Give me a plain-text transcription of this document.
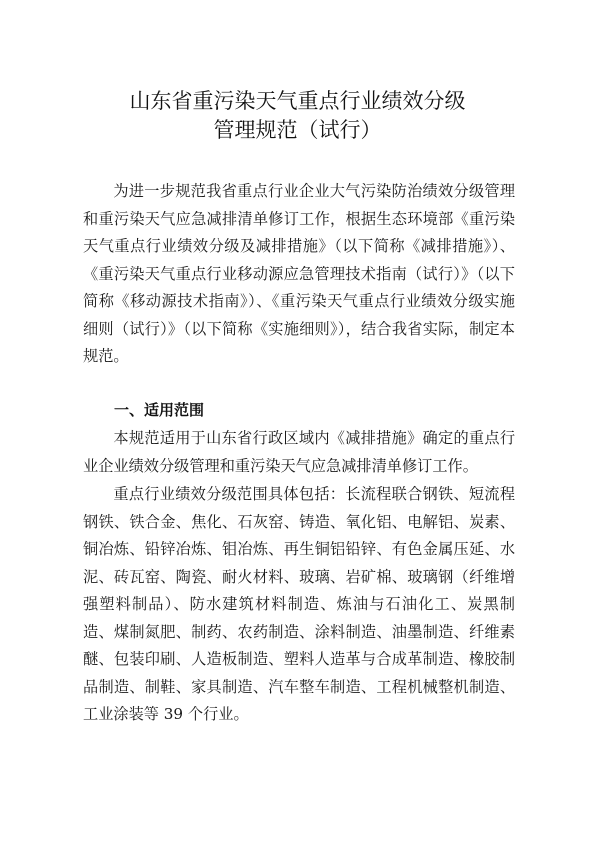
山东省重污染天气重点行业绩效分级
管理规范（试行）

为进一步规范我省重点行业企业大气污染防治绩效分级管理和重污染天气应急减排清单修订工作，根据生态环境部《重污染天气重点行业绩效分级及减排措施》（以下简称《减排措施》）、《重污染天气重点行业移动源应急管理技术指南（试行）》（以下简称《移动源技术指南》）、《重污染天气重点行业绩效分级实施细则（试行）》（以下简称《实施细则》），结合我省实际，制定本规范。

一、适用范围

本规范适用于山东省行政区域内《减排措施》确定的重点行业企业绩效分级管理和重污染天气应急减排清单修订工作。

重点行业绩效分级范围具体包括：长流程联合钢铁、短流程钢铁、铁合金、焦化、石灰窑、铸造、氧化铝、电解铝、炭素、铜冶炼、铅锌冶炼、钼冶炼、再生铜铝铅锌、有色金属压延、水泥、砖瓦窑、陶瓷、耐火材料、玻璃、岩矿棉、玻璃钢（纤维增强塑料制品）、防水建筑材料制造、炼油与石油化工、炭黑制造、煤制氮肥、制药、农药制造、涂料制造、油墨制造、纤维素醚、包装印刷、人造板制造、塑料人造革与合成革制造、橡胶制品制造、制鞋、家具制造、汽车整车制造、工程机械整机制造、工业涂装等 39 个行业。
